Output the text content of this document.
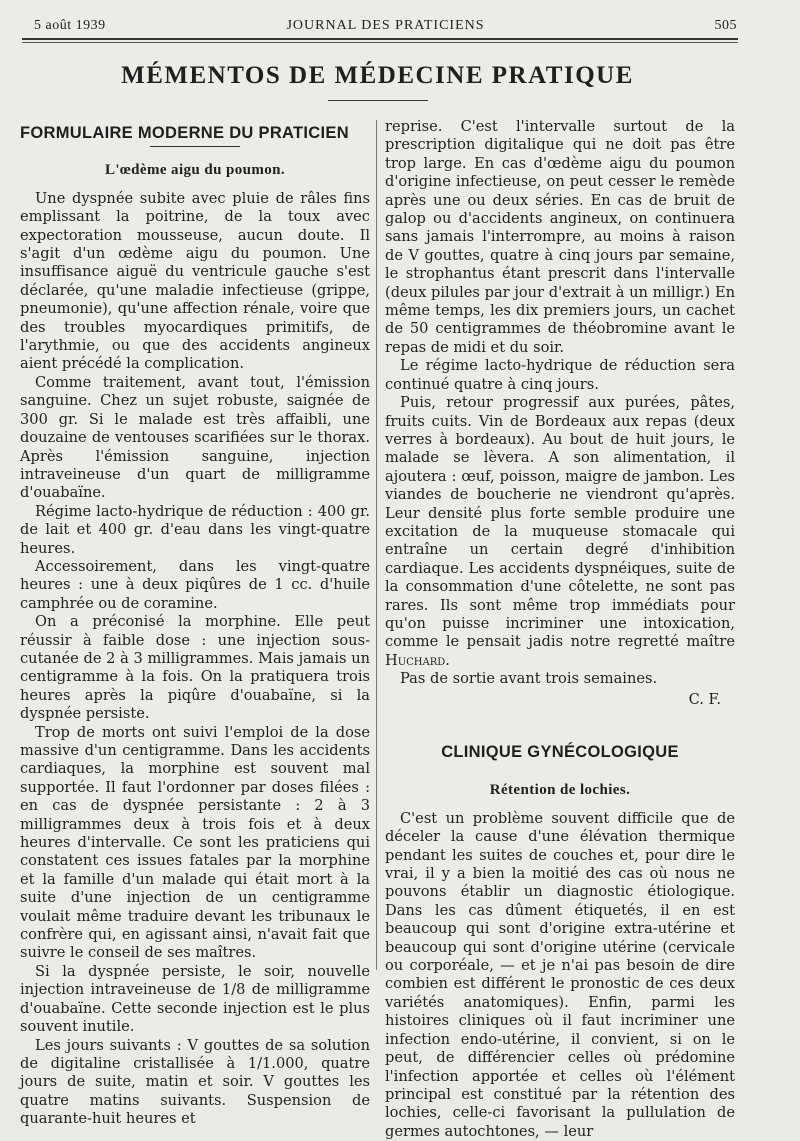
5 août 1939	JOURNAL DES PRATICIENS	505
MÉMENTOS DE MÉDECINE PRATIQUE
FORMULAIRE MODERNE DU PRATICIEN
L'œdème aigu du poumon.

Une dyspnée subite avec pluie de râles fins emplissant la poitrine, de la toux avec expectoration mousseuse, aucun doute. Il s'agit d'un œdème aigu du poumon. Une insuffisance aiguë du ventricule gauche s'est déclarée, qu'une maladie infectieuse (grippe, pneumonie), qu'une affection rénale, voire que des troubles myocardiques primitifs, de l'arythmie, ou que des accidents angineux aient précédé la complication.

Comme traitement, avant tout, l'émission sanguine. Chez un sujet robuste, saignée de 300 gr. Si le malade est très affaibli, une douzaine de ventouses scarifiées sur le thorax. Après l'émission sanguine, injection intraveineuse d'un quart de milligramme d'ouabaïne.

Régime lacto-hydrique de réduction : 400 gr. de lait et 400 gr. d'eau dans les vingt-quatre heures.

Accessoirement, dans les vingt-quatre heures : une à deux piqûres de 1 cc. d'huile camphrée ou de coramine.

On a préconisé la morphine. Elle peut réussir à faible dose : une injection sous-cutanée de 2 à 3 milligrammes. Mais jamais un centigramme à la fois. On la pratiquera trois heures après la piqûre d'ouabaïne, si la dyspnée persiste.

Trop de morts ont suivi l'emploi de la dose massive d'un centigramme. Dans les accidents cardiaques, la morphine est souvent mal supportée. Il faut l'ordonner par doses filées : en cas de dyspnée persistante : 2 à 3 milligrammes deux à trois fois et à deux heures d'intervalle. Ce sont les praticiens qui constatent ces issues fatales par la morphine et la famille d'un malade qui était mort à la suite d'une injection de un centigramme voulait même traduire devant les tribunaux le confrère qui, en agissant ainsi, n'avait fait que suivre le conseil de ses maîtres.

Si la dyspnée persiste, le soir, nouvelle injection intraveineuse de 1/8 de milligramme d'ouabaïne. Cette seconde injection est le plus souvent inutile.

Les jours suivants : V gouttes de sa solution de digitaline cristallisée à 1/1.000, quatre jours de suite, matin et soir. V gouttes les quatre matins suivants. Suspension de quarante-huit heures et

reprise. C'est l'intervalle surtout de la prescription digitalique qui ne doit pas être trop large. En cas d'œdème aigu du poumon d'origine infectieuse, on peut cesser le remède après une ou deux séries. En cas de bruit de galop ou d'accidents angineux, on continuera sans jamais l'interrompre, au moins à raison de V gouttes, quatre à cinq jours par semaine, le strophantus étant prescrit dans l'intervalle (deux pilules par jour d'extrait à un milligr.) En même temps, les dix premiers jours, un cachet de 50 centigrammes de théobromine avant le repas de midi et du soir.

Le régime lacto-hydrique de réduction sera continué quatre à cinq jours.

Puis, retour progressif aux purées, pâtes, fruits cuits. Vin de Bordeaux aux repas (deux verres à bordeaux). Au bout de huit jours, le malade se lèvera. A son alimentation, il ajoutera : œuf, poisson, maigre de jambon. Les viandes de boucherie ne viendront qu'après. Leur densité plus forte semble produire une excitation de la muqueuse stomacale qui entraîne un certain degré d'inhibition cardiaque. Les accidents dyspnéiques, suite de la consommation d'une côtelette, ne sont pas rares. Ils sont même trop immédiats pour qu'on puisse incriminer une intoxication, comme le pensait jadis notre regretté maître Huchard.

Pas de sortie avant trois semaines.

C. F.

CLINIQUE GYNÉCOLOGIQUE
Rétention de lochies.

C'est un problème souvent difficile que de déceler la cause d'une élévation thermique pendant les suites de couches et, pour dire le vrai, il y a bien la moitié des cas où nous ne pouvons établir un diagnostic étiologique. Dans les cas dûment étiquetés, il en est beaucoup qui sont d'origine extra-utérine et beaucoup qui sont d'origine utérine (cervicale ou corporéale, — et je n'ai pas besoin de dire combien est différent le pronostic de ces deux variétés anatomiques). Enfin, parmi les histoires cliniques où il faut incriminer une infection endo-utérine, il convient, si on le peut, de différencier celles où prédomine l'infection apportée et celles où l'élément principal est constitué par la rétention des lochies, celle-ci favorisant la pullulation de germes autochtones, — leur
